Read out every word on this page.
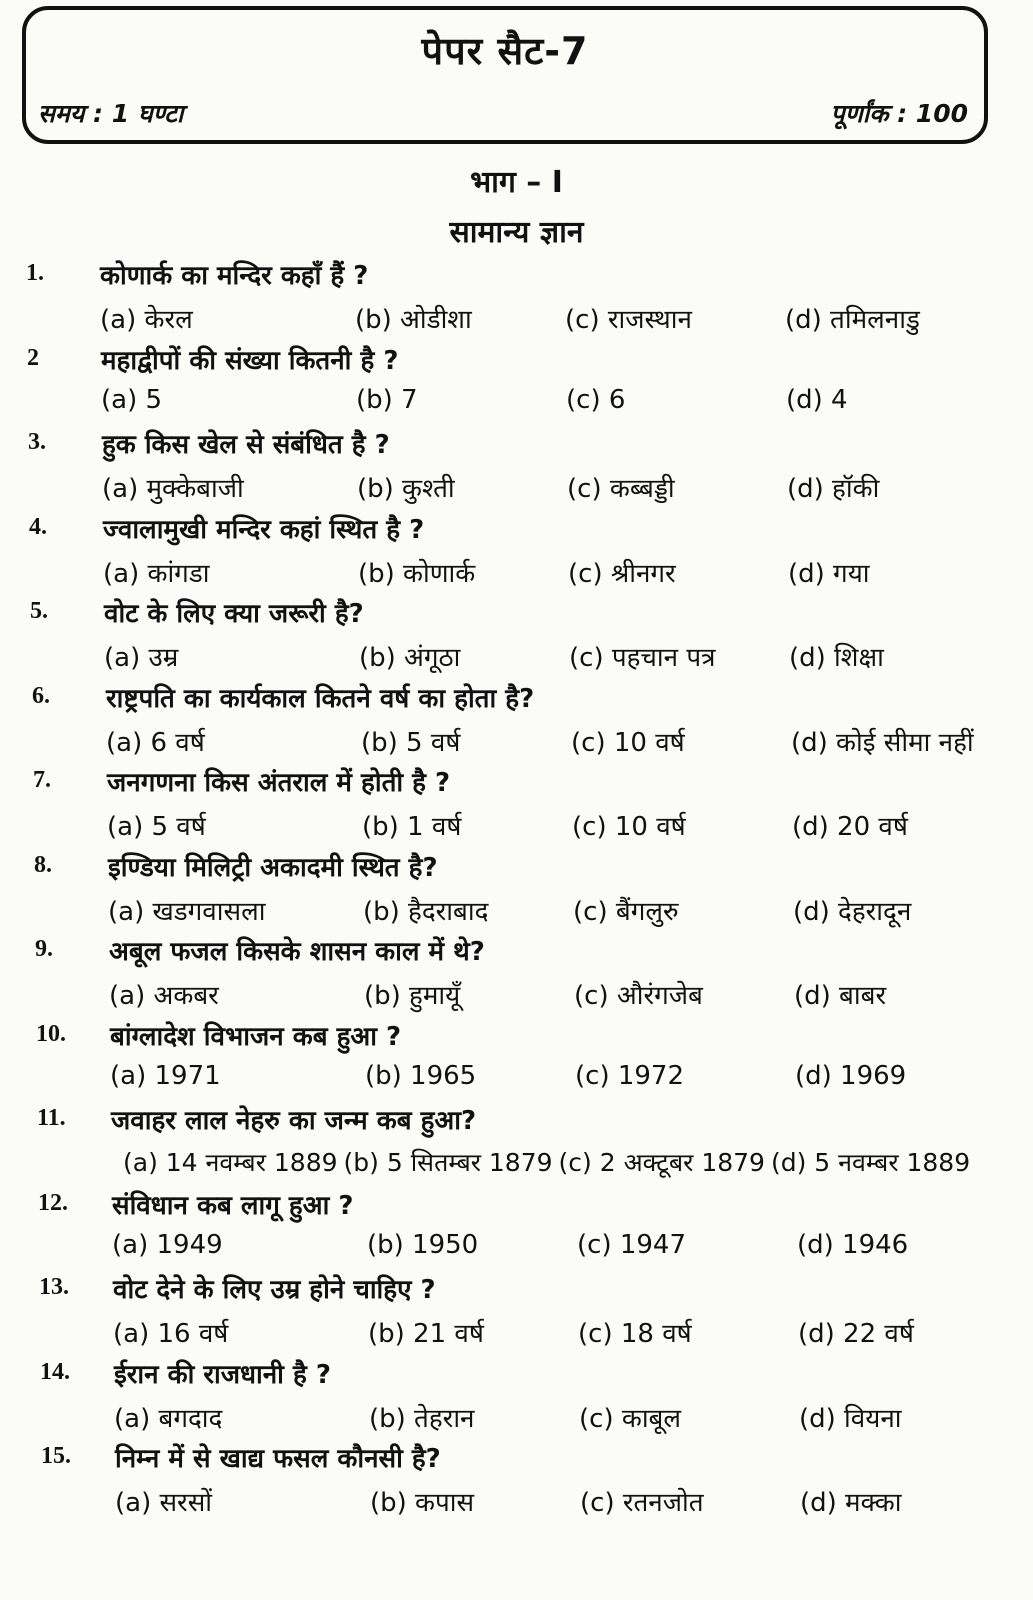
पेपर सैट-7
समय : 1 घण्टा	पूर्णांक : 100
भाग – I
सामान्य ज्ञान
1. कोणार्क का मन्दिर कहाँ हैं ?
(a) केरल	(b) ओडीशा	(c) राजस्थान	(d) तमिलनाडु
2 महाद्वीपों की संख्या कितनी है ?
(a) 5	(b) 7	(c) 6	(d) 4
3. हुक किस खेल से संबंधित है ?
(a) मुक्केबाजी	(b) कुश्ती	(c) कब्बड्डी	(d) हॉकी
4. ज्वालामुखी मन्दिर कहां स्थित है ?
(a) कांगडा	(b) कोणार्क	(c) श्रीनगर	(d) गया
5. वोट के लिए क्या जरूरी है?
(a) उम्र	(b) अंगूठा	(c) पहचान पत्र	(d) शिक्षा
6. राष्ट्रपति का कार्यकाल कितने वर्ष का होता है?
(a) 6 वर्ष	(b) 5 वर्ष	(c) 10 वर्ष	(d) कोई सीमा नहीं
7. जनगणना किस अंतराल में होती है ?
(a) 5 वर्ष	(b) 1 वर्ष	(c) 10 वर्ष	(d) 20 वर्ष
8. इण्डिया मिलिट्री अकादमी स्थित है?
(a) खडगवासला	(b) हैदराबाद	(c) बैंगलुरु	(d) देहरादून
9. अबूल फजल किसके शासन काल में थे?
(a) अकबर	(b) हुमायूँ	(c) औरंगजेब	(d) बाबर
10. बांग्लादेश विभाजन कब हुआ ?
(a) 1971	(b) 1965	(c) 1972	(d) 1969
11. जवाहर लाल नेहरु का जन्म कब हुआ?
(a) 14 नवम्बर 1889 (b) 5 सितम्बर 1879 (c) 2 अक्टूबर 1879 (d) 5 नवम्बर 1889
12. संविधान कब लागू हुआ ?
(a) 1949	(b) 1950	(c) 1947	(d) 1946
13. वोट देने के लिए उम्र होने चाहिए ?
(a) 16 वर्ष	(b) 21 वर्ष	(c) 18 वर्ष	(d) 22 वर्ष
14. ईरान की राजधानी है ?
(a) बगदाद	(b) तेहरान	(c) काबूल	(d) वियना
15. निम्न में से खाद्य फसल कौनसी है?
(a) सरसों	(b) कपास	(c) रतनजोत	(d) मक्का
